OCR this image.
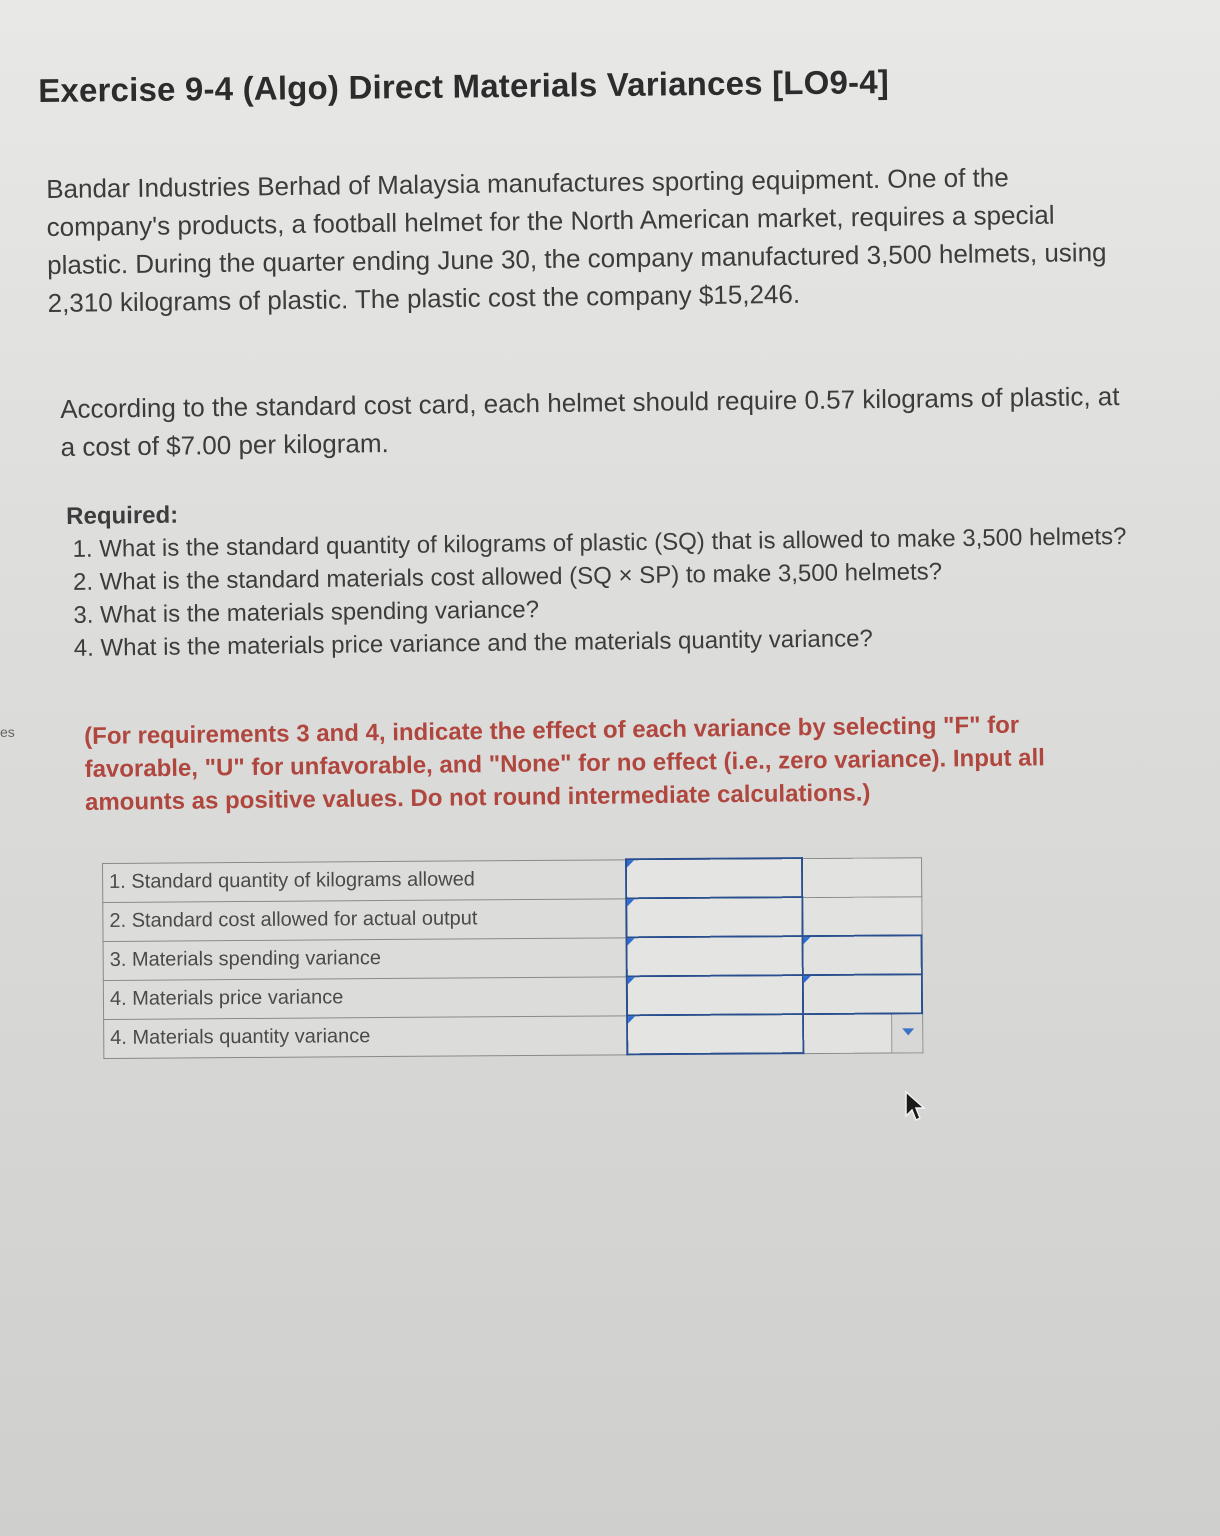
es
Exercise 9-4 (Algo) Direct Materials Variances [LO9-4]
Bandar Industries Berhad of Malaysia manufactures sporting equipment. One of the company's products, a football helmet for the North American market, requires a special plastic. During the quarter ending June 30, the company manufactured 3,500 helmets, using 2,310 kilograms of plastic. The plastic cost the company $15,246.
According to the standard cost card, each helmet should require 0.57 kilograms of plastic, at a cost of $7.00 per kilogram.
Required:
1. What is the standard quantity of kilograms of plastic (SQ) that is allowed to make 3,500 helmets?
2. What is the standard materials cost allowed (SQ × SP) to make 3,500 helmets?
3. What is the materials spending variance?
4. What is the materials price variance and the materials quantity variance?
(For requirements 3 and 4, indicate the effect of each variance by selecting "F" for favorable, "U" for unfavorable, and "None" for no effect (i.e., zero variance). Input all amounts as positive values. Do not round intermediate calculations.)
1. Standard quantity of kilograms allowed	

2. Standard cost allowed for actual output	

3. Materials spending variance	

4. Materials price variance	

4. Materials quantity variance	
